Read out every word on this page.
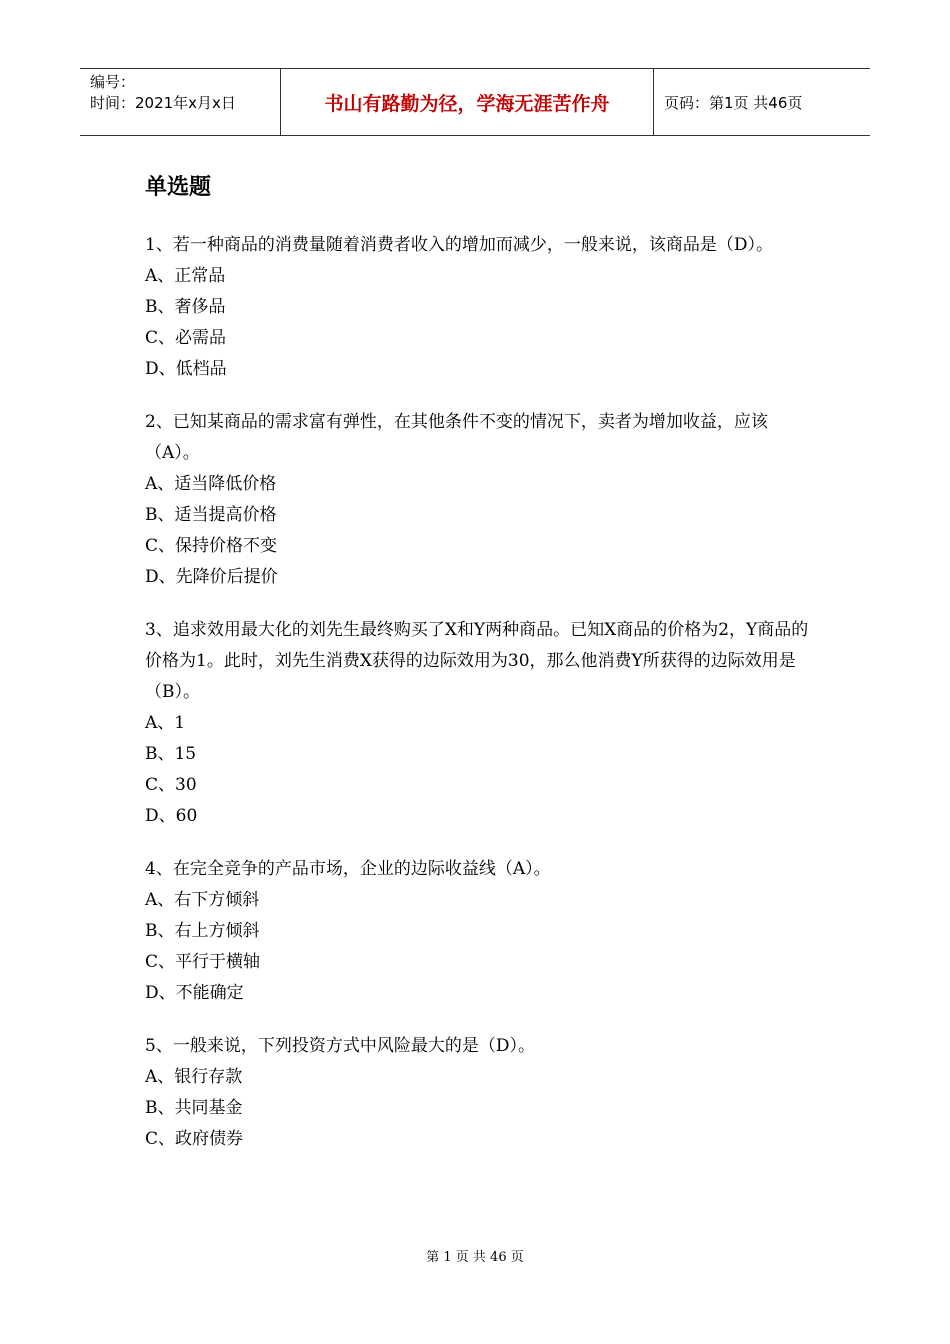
编号：
时间：2021年x月x日	书山有路勤为径，学海无涯苦作舟	页码：第1页 共46页
单选题

1、若一种商品的消费量随着消费者收入的增加而减少，一般来说，该商品是（D）。

A、正常品

B、奢侈品

C、必需品

D、低档品

2、已知某商品的需求富有弹性，在其他条件不变的情况下，卖者为增加收益，应该（A）。

A、适当降低价格

B、适当提高价格

C、保持价格不变

D、先降价后提价

3、追求效用最大化的刘先生最终购买了X和Y两种商品。已知X商品的价格为2，Y商品的价格为1。此时，刘先生消费X获得的边际效用为30，那么他消费Y所获得的边际效用是（B）。

A、1

B、15

C、30

D、60

4、在完全竞争的产品市场，企业的边际收益线（A）。

A、右下方倾斜

B、右上方倾斜

C、平行于横轴

D、不能确定

5、一般来说，下列投资方式中风险最大的是（D）。

A、银行存款

B、共同基金

C、政府债券

第 1 页 共 46 页
